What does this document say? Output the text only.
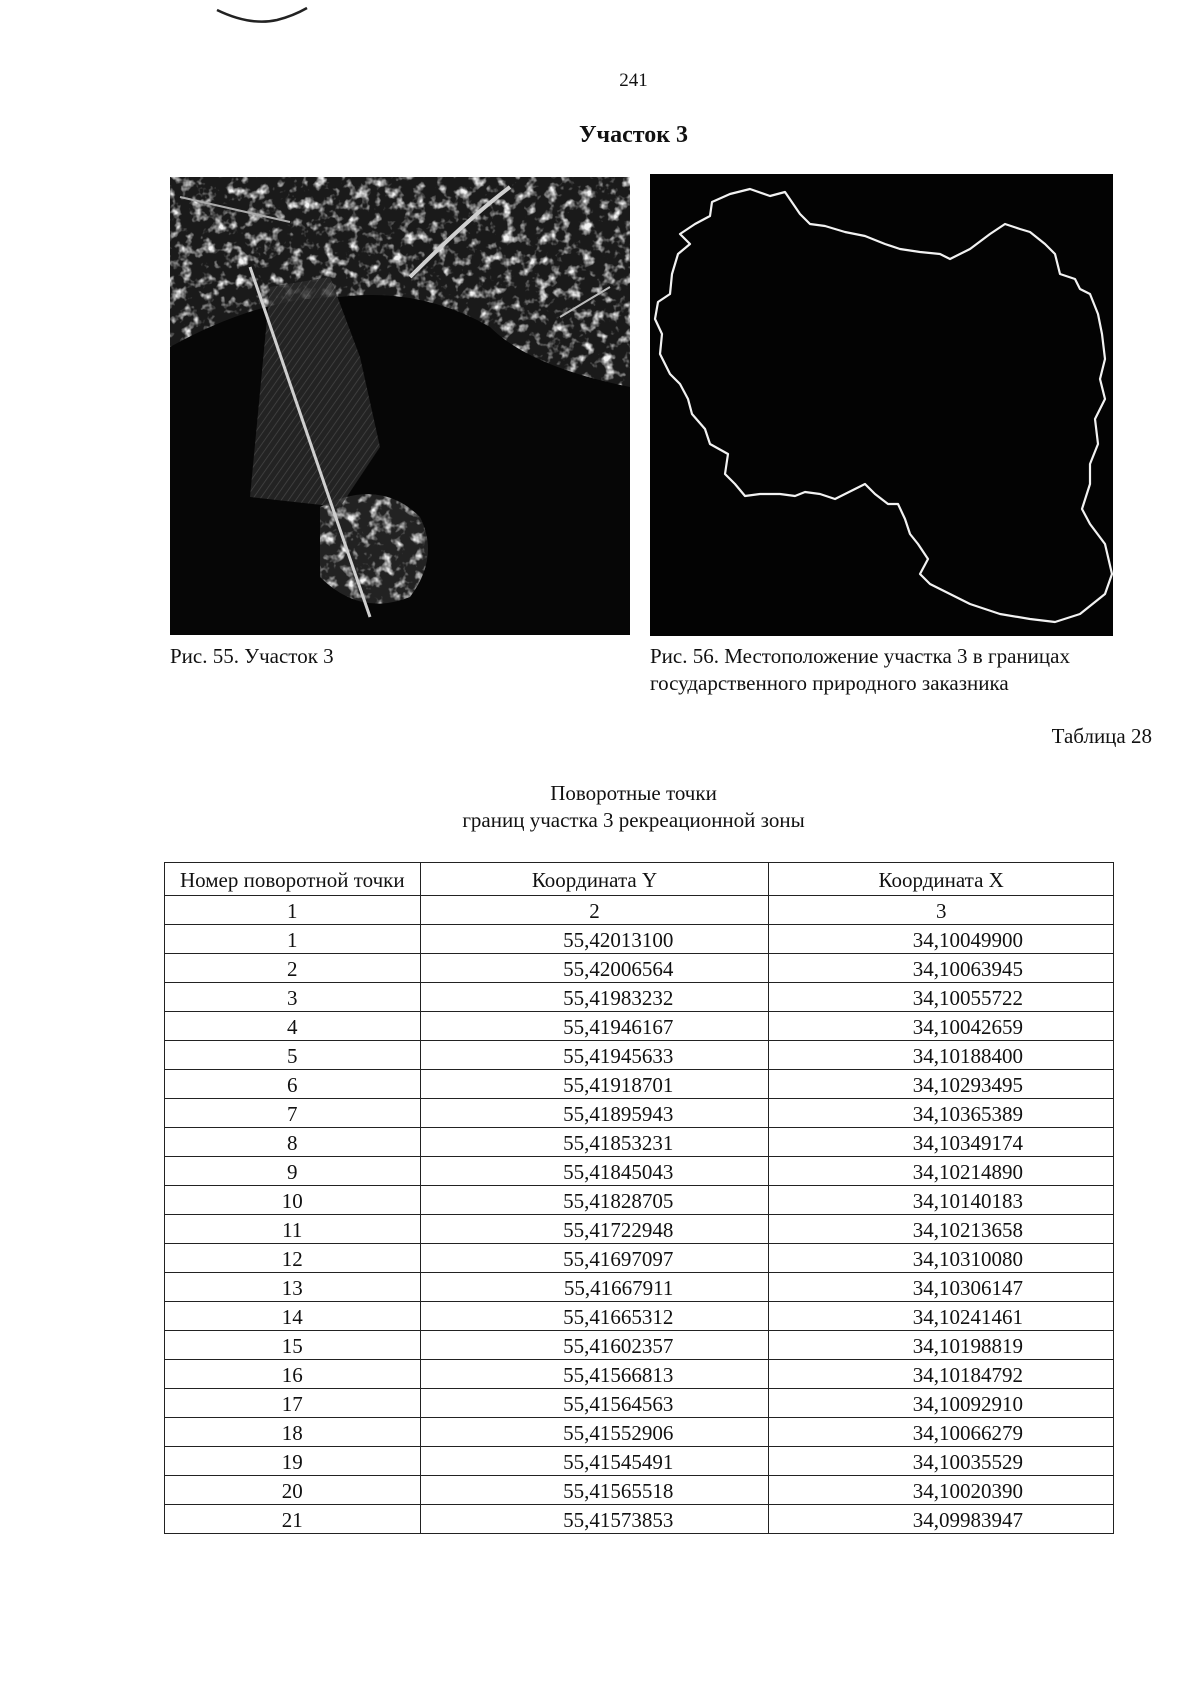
241
Участок 3
Рис. 55. Участок 3	Рис. 56. Местоположение участка 3 в границах
государственного природного заказника
Таблица 28
Поворотные точки
границ участка 3 рекреационной зоны
Номер поворотной точки	Координата Y	Координата X
1	2	3
1	55,42013100	34,10049900
2	55,42006564	34,10063945
3	55,41983232	34,10055722
4	55,41946167	34,10042659
5	55,41945633	34,10188400
6	55,41918701	34,10293495
7	55,41895943	34,10365389
8	55,41853231	34,10349174
9	55,41845043	34,10214890
10	55,41828705	34,10140183
11	55,41722948	34,10213658
12	55,41697097	34,10310080
13	55,41667911	34,10306147
14	55,41665312	34,10241461
15	55,41602357	34,10198819
16	55,41566813	34,10184792
17	55,41564563	34,10092910
18	55,41552906	34,10066279
19	55,41545491	34,10035529
20	55,41565518	34,10020390
21	55,41573853	34,09983947
